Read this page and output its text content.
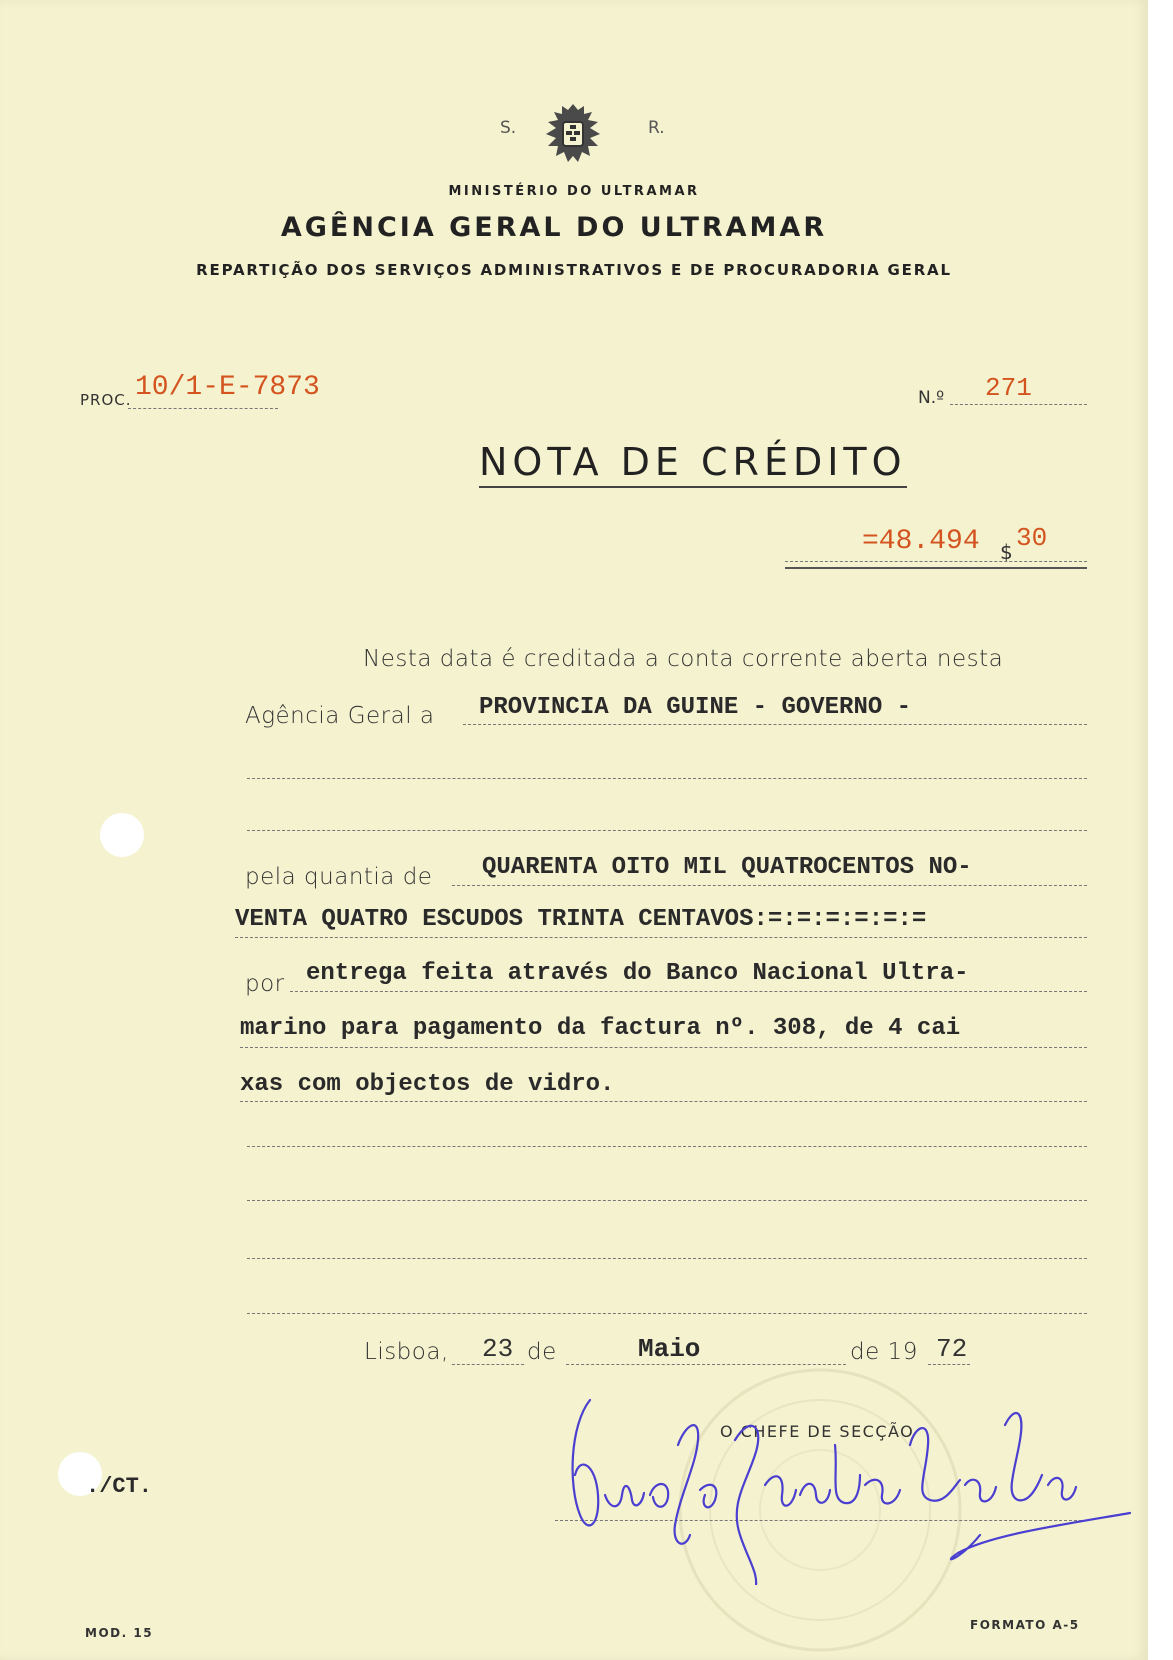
S.	R.
MINISTÉRIO DO ULTRAMAR
AGÊNCIA GERAL DO ULTRAMAR
REPARTIÇÃO DOS SERVIÇOS ADMINISTRATIVOS E DE PROCURADORIA GERAL
PROC. 10/1-E-7873	N.º 271
NOTA DE CRÉDITO
=48.494 $ 30
Nesta data é creditada a conta corrente aberta nesta
Agência Geral a PROVINCIA DA GUINE - GOVERNO -
pela quantia de QUARENTA OITO MIL QUATROCENTOS NO-
VENTA QUATRO ESCUDOS TRINTA CENTAVOS:=:=:=:=:=:=
por entrega feita através do Banco Nacional Ultra-
marino para pagamento da factura nº. 308, de 4 cai
xas com objectos de vidro.
Lisboa, 23 de	Maio	de 19 72
O CHEFE DE SECÇÃO
./CT.
MOD. 15
FORMATO A-5
